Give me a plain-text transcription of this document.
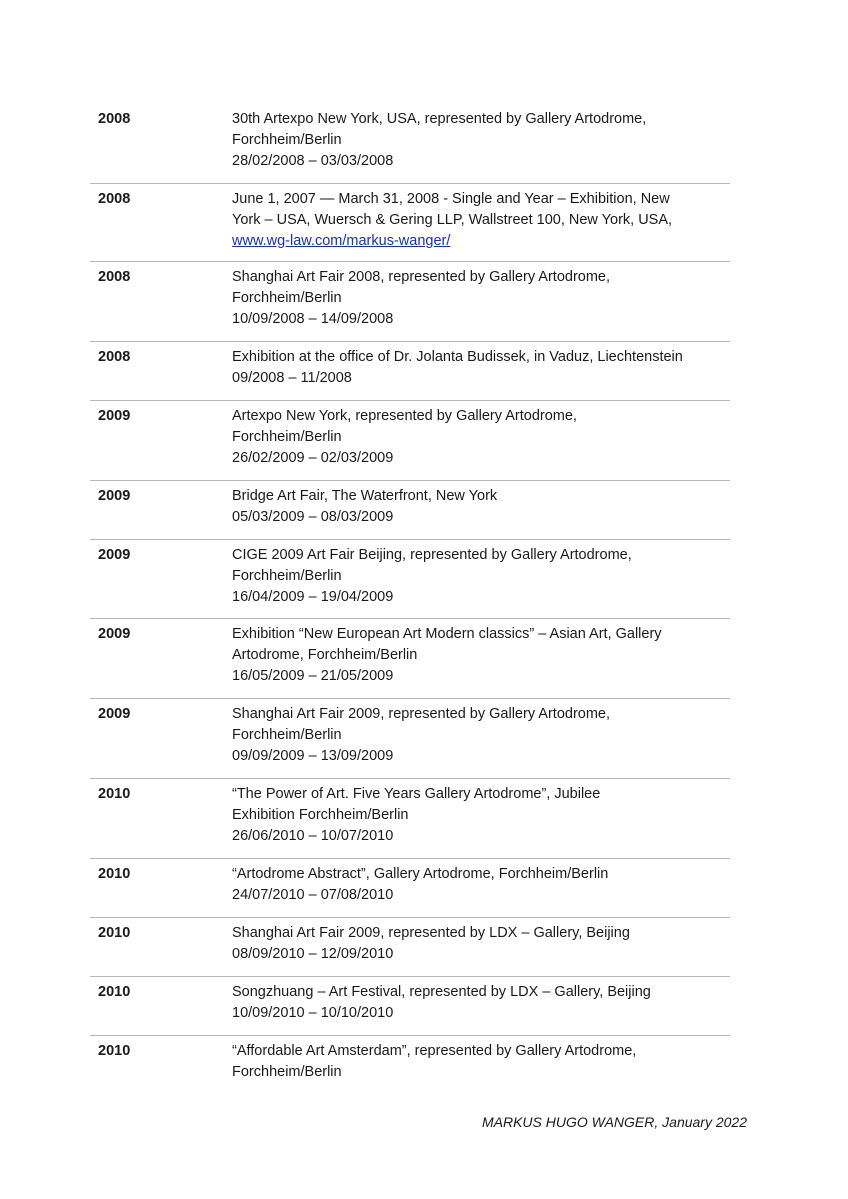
2008	30th Artexpo New York, USA, represented by Gallery Artodrome,
Forchheim/Berlin
28/02/2008 – 03/03/2008
2008	June 1, 2007 — March 31, 2008 - Single and Year – Exhibition, New
York – USA, Wuersch & Gering LLP, Wallstreet 100, New York, USA,
www.wg-law.com/markus-wanger/
2008	Shanghai Art Fair 2008, represented by Gallery Artodrome,
Forchheim/Berlin
10/09/2008 – 14/09/2008
2008	Exhibition at the office of Dr. Jolanta Budissek, in Vaduz, Liechtenstein
09/2008 – 11/2008
2009	Artexpo New York, represented by Gallery Artodrome,
Forchheim/Berlin
26/02/2009 – 02/03/2009
2009	Bridge Art Fair, The Waterfront, New York
05/03/2009 – 08/03/2009
2009	CIGE 2009 Art Fair Beijing, represented by Gallery Artodrome,
Forchheim/Berlin
16/04/2009 – 19/04/2009
2009	Exhibition “New European Art Modern classics” – Asian Art, Gallery
Artodrome, Forchheim/Berlin
16/05/2009 – 21/05/2009
2009	Shanghai Art Fair 2009, represented by Gallery Artodrome,
Forchheim/Berlin
09/09/2009 – 13/09/2009
2010	“The Power of Art. Five Years Gallery Artodrome”, Jubilee
Exhibition Forchheim/Berlin
26/06/2010 – 10/07/2010
2010	“Artodrome Abstract”, Gallery Artodrome, Forchheim/Berlin
24/07/2010 – 07/08/2010
2010	Shanghai Art Fair 2009, represented by LDX – Gallery, Beijing
08/09/2010 – 12/09/2010
2010	Songzhuang – Art Festival, represented by LDX – Gallery, Beijing
10/09/2010 – 10/10/2010
2010	“Affordable Art Amsterdam”, represented by Gallery Artodrome,
Forchheim/Berlin
MARKUS HUGO WANGER, January 2022
